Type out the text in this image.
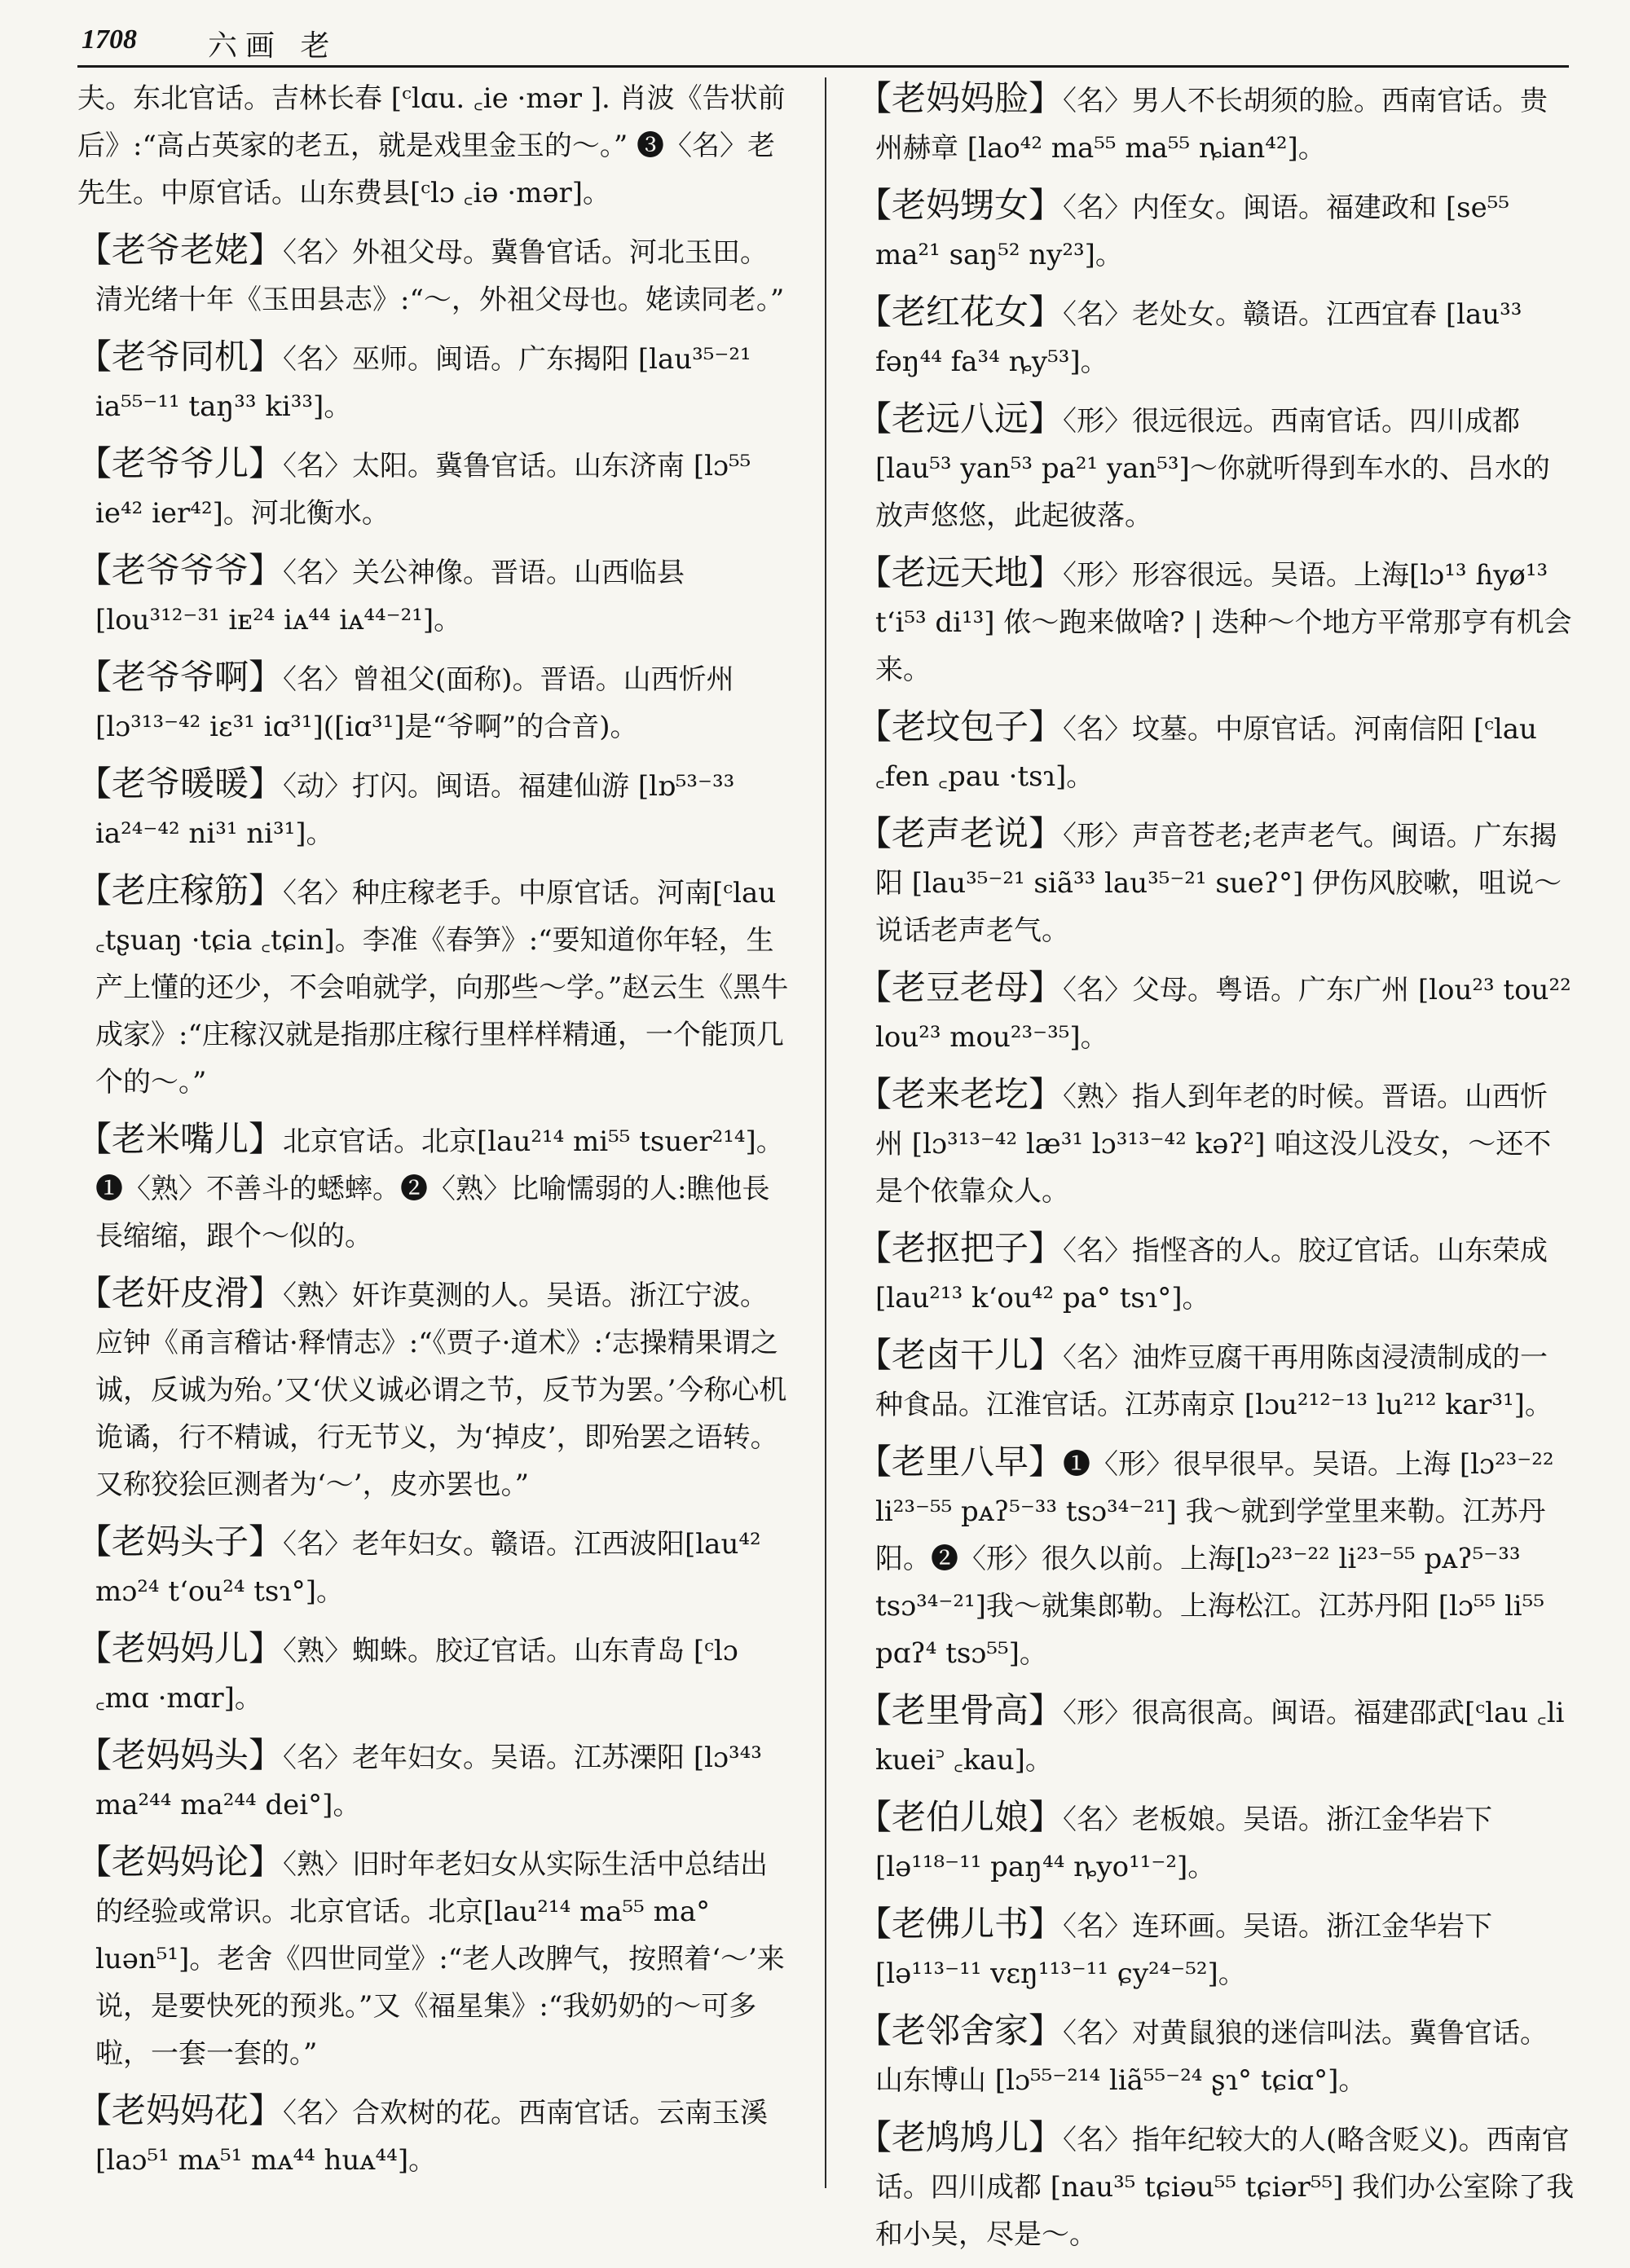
1708 六画 老

夫。东北官话。吉林长春 [ᶜlɑu. ꜀ie ·mər ]. 肖波《告状前后》:“高占英家的老五，就是戏里金玉的～。” ❸〈名〉老先生。中原官话。山东费县[ᶜlɔ ꜀iə ·mər]。

【 老爷老姥 】 〈名〉外祖父母。冀鲁官话。河北玉田。清光绪十年《玉田县志》:“～，外祖父母也。姥读同老。”

【 老爷同机 】 〈名〉巫师。闽语。广东揭阳 [lau³⁵⁻²¹ ia⁵⁵⁻¹¹ taŋ³³ ki³³]。

【 老爷爷儿 】 〈名〉太阳。冀鲁官话。山东济南 [lɔ⁵⁵ ie⁴² ier⁴²]。河北衡水。

【 老爷爷爷 】 〈名〉关公神像。晋语。山西临县 [lou³¹²⁻³¹ iᴇ²⁴ iᴀ⁴⁴ iᴀ⁴⁴⁻²¹]。

【 老爷爷啊 】 〈名〉曾祖父(面称)。晋语。山西忻州 [lɔ³¹³⁻⁴² iɛ³¹ iɑ³¹]([iɑ³¹]是“爷啊”的合音)。

【 老爷暖暖 】 〈动〉打闪。闽语。福建仙游 [lɒ⁵³⁻³³ ia²⁴⁻⁴² ni³¹ ni³¹]。

【 老庄稼筋 】 〈名〉种庄稼老手。中原官话。河南[ᶜlau ꜀tʂuaŋ ·tɕia ꜀tɕin]。李准《春笋》:“要知道你年轻，生产上懂的还少，不会咱就学，向那些～学。”赵云生《黑牛成家》:“庄稼汉就是指那庄稼行里样样精通，一个能顶几个的～。”

【 老米嘴儿 】 北京官话。北京[lau²¹⁴ mi⁵⁵ tsuer²¹⁴]。❶〈熟〉不善斗的蟋蟀。❷〈熟〉比喻懦弱的人:瞧他長長缩缩，跟个～似的。

【 老奸皮滑 】 〈熟〉奸诈莫测的人。吴语。浙江宁波。应钟《甬言稽诂·释情志》:“《贾子·道术》:‘志操精果谓之诚，反诚为殆。’又‘伏义诚必谓之节，反节为罢。’今称心机诡谲，行不精诚，行无节义，为‘掉皮’，即殆罢之语转。又称狡狯叵测者为‘～’，皮亦罢也。”

【 老妈头子 】 〈名〉老年妇女。赣语。江西波阳[lau⁴² mɔ²⁴ tʻou²⁴ tsɿ°]。

【 老妈妈儿 】 〈熟〉蜘蛛。胶辽官话。山东青岛 [ᶜlɔ ꜀mɑ ·mɑr]。

【 老妈妈头 】 〈名〉老年妇女。吴语。江苏溧阳 [lɔ³⁴³ ma²⁴⁴ ma²⁴⁴ dei°]。

【 老妈妈论 】 〈熟〉旧时年老妇女从实际生活中总结出的经验或常识。北京官话。北京[lau²¹⁴ ma⁵⁵ ma° luən⁵¹]。老舍《四世同堂》:“老人改脾气，按照着‘～’来说，是要快死的预兆。”又《福星集》:“我奶奶的～可多啦，一套一套的。”

【 老妈妈花 】 〈名〉合欢树的花。西南官话。云南玉溪 [laɔ⁵¹ mᴀ⁵¹ mᴀ⁴⁴ huᴀ⁴⁴]。

【 老妈妈脸 】 〈名〉男人不长胡须的脸。西南官话。贵州赫章 [lao⁴² ma⁵⁵ ma⁵⁵ ȵian⁴²]。

【 老妈甥女 】 〈名〉内侄女。闽语。福建政和 [se⁵⁵ ma²¹ saŋ⁵² ny²³]。

【 老红花女 】 〈名〉老处女。赣语。江西宜春 [lau³³ fəŋ⁴⁴ fa³⁴ ȵy⁵³]。

【 老远八远 】 〈形〉很远很远。西南官话。四川成都 [lau⁵³ yan⁵³ pa²¹ yan⁵³]～你就听得到车水的、吕水的放声悠悠，此起彼落。

【 老远天地 】 〈形〉形容很远。吴语。上海[lɔ¹³ ɦyø¹³ tʻi⁵³ di¹³] 侬～跑来做啥? | 迭种～个地方平常那亨有机会来。

【 老坟包子 】 〈名〉坟墓。中原官话。河南信阳 [ᶜlau ꜀fen ꜀pau ·tsɿ]。

【 老声老说 】 〈形〉声音苍老;老声老气。闽语。广东揭阳 [lau³⁵⁻²¹ siã³³ lau³⁵⁻²¹ sueʔ°] 伊伤风胶嗽，咀说～说话老声老气。

【 老豆老母 】 〈名〉父母。粤语。广东广州 [lou²³ tou²² lou²³ mou²³⁻³⁵]。

【 老来老圪 】 〈熟〉指人到年老的时候。晋语。山西忻州 [lɔ³¹³⁻⁴² læ³¹ lɔ³¹³⁻⁴² kəʔ²] 咱这没儿没女，～还不是个依靠众人。

【 老抠把子 】 〈名〉指悭吝的人。胶辽官话。山东荣成 [lau²¹³ kʻou⁴² pa° tsɿ°]。

【 老卤干儿 】 〈名〉油炸豆腐干再用陈卤浸渍制成的一种食品。江淮官话。江苏南京 [lɔu²¹²⁻¹³ lu²¹² kar³¹]。

【 老里八早 】 ❶〈形〉很早很早。吴语。上海 [lɔ²³⁻²² li²³⁻⁵⁵ pᴀʔ⁵⁻³³ tsɔ³⁴⁻²¹] 我～就到学堂里来勒。江苏丹阳。❷〈形〉很久以前。上海[lɔ²³⁻²² li²³⁻⁵⁵ pᴀʔ⁵⁻³³ tsɔ³⁴⁻²¹]我～就集郎勒。上海松江。江苏丹阳 [lɔ⁵⁵ li⁵⁵ pɑʔ⁴ tsɔ⁵⁵]。

【 老里骨高 】 〈形〉很高很高。闽语。福建邵武[ᶜlau ꜀li kuei꜄ ꜀kau]。

【 老伯儿娘 】 〈名〉老板娘。吴语。浙江金华岩下 [lə¹¹⁸⁻¹¹ paŋ⁴⁴ ȵyo¹¹⁻²]。

【 老佛儿书 】 〈名〉连环画。吴语。浙江金华岩下 [lə¹¹³⁻¹¹ vɛŋ¹¹³⁻¹¹ ɕy²⁴⁻⁵²]。

【 老邻舍家 】 〈名〉对黄鼠狼的迷信叫法。冀鲁官话。山东博山 [lɔ⁵⁵⁻²¹⁴ liã⁵⁵⁻²⁴ ʂɿ° tɕiɑ°]。

【 老鸠鸠儿 】 〈名〉指年纪较大的人(略含贬义)。西南官话。四川成都 [nau³⁵ tɕiəu⁵⁵ tɕiər⁵⁵] 我们办公室除了我和小吴，尽是～。
